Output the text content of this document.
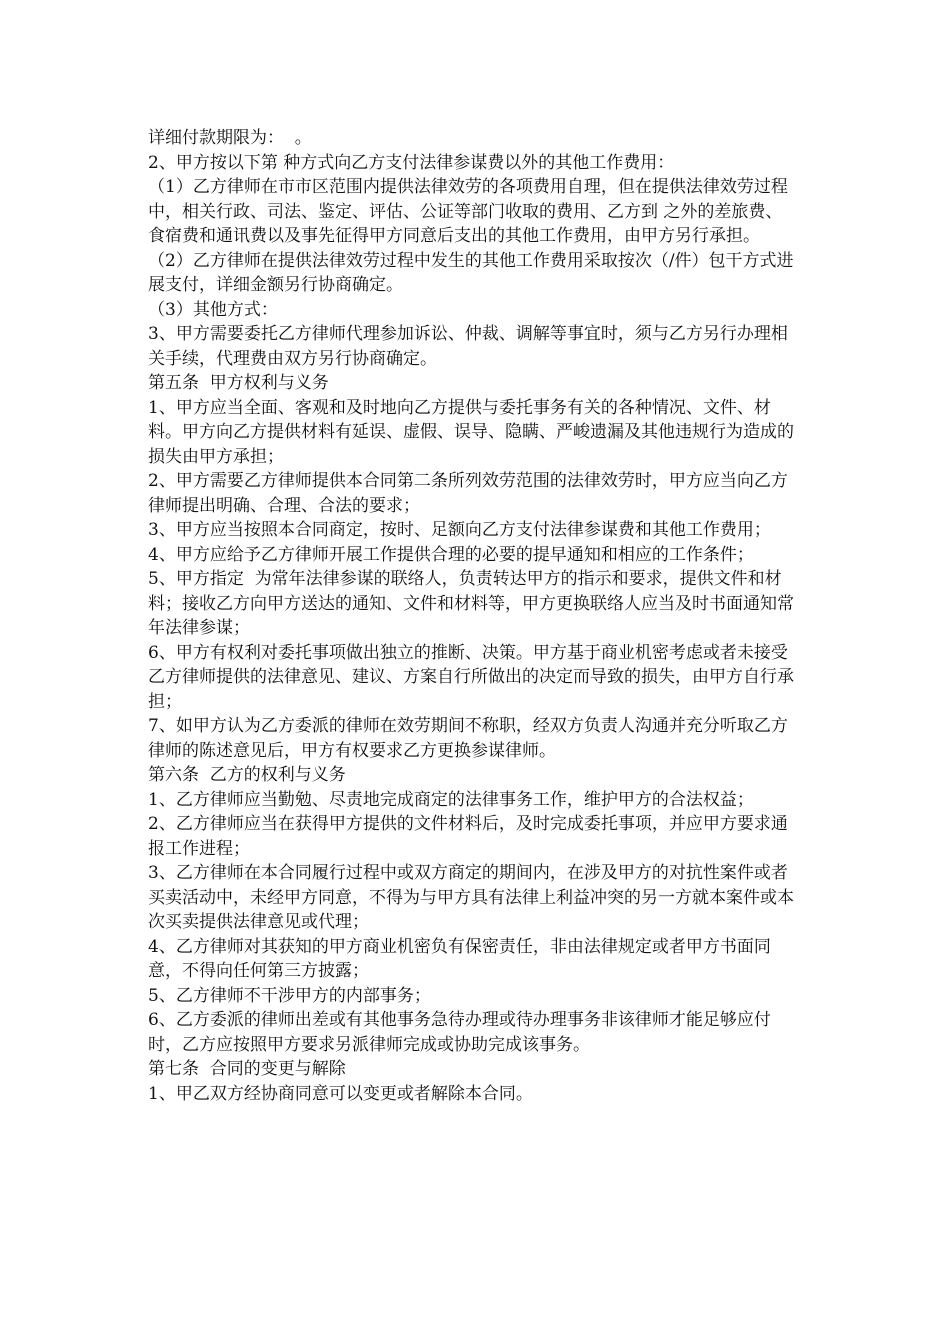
详细付款期限为：  。

2、甲方按以下第 种方式向乙方支付法律参谋费以外的其他工作费用：

（1）乙方律师在市市区范围内提供法律效劳的各项费用自理，但在提供法律效劳过程中，相关行政、司法、鉴定、评估、公证等部门收取的费用、乙方到 之外的差旅费、食宿费和通讯费以及事先征得甲方同意后支出的其他工作费用，由甲方另行承担。

（2）乙方律师在提供法律效劳过程中发生的其他工作费用采取按次（/件）包干方式进展支付，详细金额另行协商确定。

（3）其他方式：

3、甲方需要委托乙方律师代理参加诉讼、仲裁、调解等事宜时，须与乙方另行办理相关手续，代理费由双方另行协商确定。

第五条  甲方权利与义务

1、甲方应当全面、客观和及时地向乙方提供与委托事务有关的各种情况、文件、材料。甲方向乙方提供材料有延误、虚假、误导、隐瞒、严峻遗漏及其他违规行为造成的损失由甲方承担；

2、甲方需要乙方律师提供本合同第二条所列效劳范围的法律效劳时，甲方应当向乙方律师提出明确、合理、合法的要求；

3、甲方应当按照本合同商定，按时、足额向乙方支付法律参谋费和其他工作费用；

4、甲方应给予乙方律师开展工作提供合理的必要的提早通知和相应的工作条件；

5、甲方指定  为常年法律参谋的联络人，负责转达甲方的指示和要求，提供文件和材料；接收乙方向甲方送达的通知、文件和材料等，甲方更换联络人应当及时书面通知常年法律参谋；

6、甲方有权利对委托事项做出独立的推断、决策。甲方基于商业机密考虑或者未接受乙方律师提供的法律意见、建议、方案自行所做出的决定而导致的损失，由甲方自行承担；

7、如甲方认为乙方委派的律师在效劳期间不称职，经双方负责人沟通并充分听取乙方律师的陈述意见后，甲方有权要求乙方更换参谋律师。

第六条  乙方的权利与义务

1、乙方律师应当勤勉、尽责地完成商定的法律事务工作，维护甲方的合法权益；

2、乙方律师应当在获得甲方提供的文件材料后，及时完成委托事项，并应甲方要求通报工作进程；

3、乙方律师在本合同履行过程中或双方商定的期间内，在涉及甲方的对抗性案件或者买卖活动中，未经甲方同意，不得为与甲方具有法律上利益冲突的另一方就本案件或本次买卖提供法律意见或代理；

4、乙方律师对其获知的甲方商业机密负有保密责任，非由法律规定或者甲方书面同意，不得向任何第三方披露；

5、乙方律师不干涉甲方的内部事务；

6、乙方委派的律师出差或有其他事务急待办理或待办理事务非该律师才能足够应付时，乙方应按照甲方要求另派律师完成或协助完成该事务。

第七条  合同的变更与解除

1、甲乙双方经协商同意可以变更或者解除本合同。
